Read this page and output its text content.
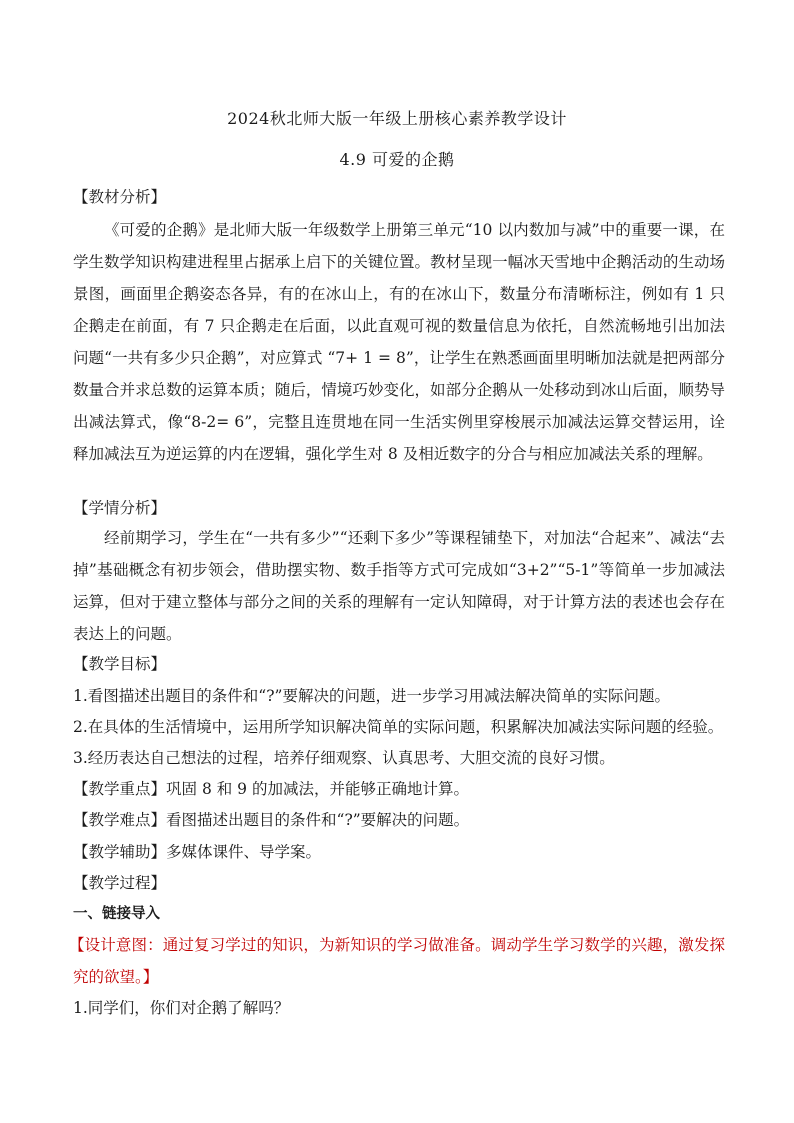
2024秋北师大版一年级上册核心素养教学设计
4.9 可爱的企鹅
【教材分析】
《可爱的企鹅》是北师大版一年级数学上册第三单元“10 以内数加与减”中的重要一课，在学生数学知识构建进程里占据承上启下的关键位置。教材呈现一幅冰天雪地中企鹅活动的生动场景图，画面里企鹅姿态各异，有的在冰山上，有的在冰山下，数量分布清晰标注，例如有 1 只企鹅走在前面，有 7 只企鹅走在后面，以此直观可视的数量信息为依托，自然流畅地引出加法问题“一共有多少只企鹅”，对应算式 “7+ 1 = 8”，让学生在熟悉画面里明晰加法就是把两部分数量合并求总数的运算本质；随后，情境巧妙变化，如部分企鹅从一处移动到冰山后面，顺势导出减法算式，像“8-2= 6”，完整且连贯地在同一生活实例里穿梭展示加减法运算交替运用，诠释加减法互为逆运算的内在逻辑，强化学生对 8 及相近数字的分合与相应加减法关系的理解。
【学情分析】
经前期学习，学生在“一共有多少”“还剩下多少”等课程铺垫下，对加法“合起来”、减法“去掉”基础概念有初步领会，借助摆实物、数手指等方式可完成如“3+2”“5-1”等简单一步加减法运算，但对于建立整体与部分之间的关系的理解有一定认知障碍，对于计算方法的表述也会存在表达上的问题。
【教学目标】
1.看图描述出题目的条件和“?”要解决的问题，进一步学习用减法解决简单的实际问题。
2.在具体的生活情境中，运用所学知识解决简单的实际问题，积累解决加减法实际问题的经验。
3.经历表达自己想法的过程，培养仔细观察、认真思考、大胆交流的良好习惯。
【教学重点】巩固 8 和 9 的加减法，并能够正确地计算。
【教学难点】看图描述出题目的条件和“?”要解决的问题。
【教学辅助】多媒体课件、导学案。
【教学过程】
一、链接导入
【设计意图：通过复习学过的知识，为新知识的学习做准备。调动学生学习数学的兴趣，激发探究的欲望。】
1.同学们，你们对企鹅了解吗？
